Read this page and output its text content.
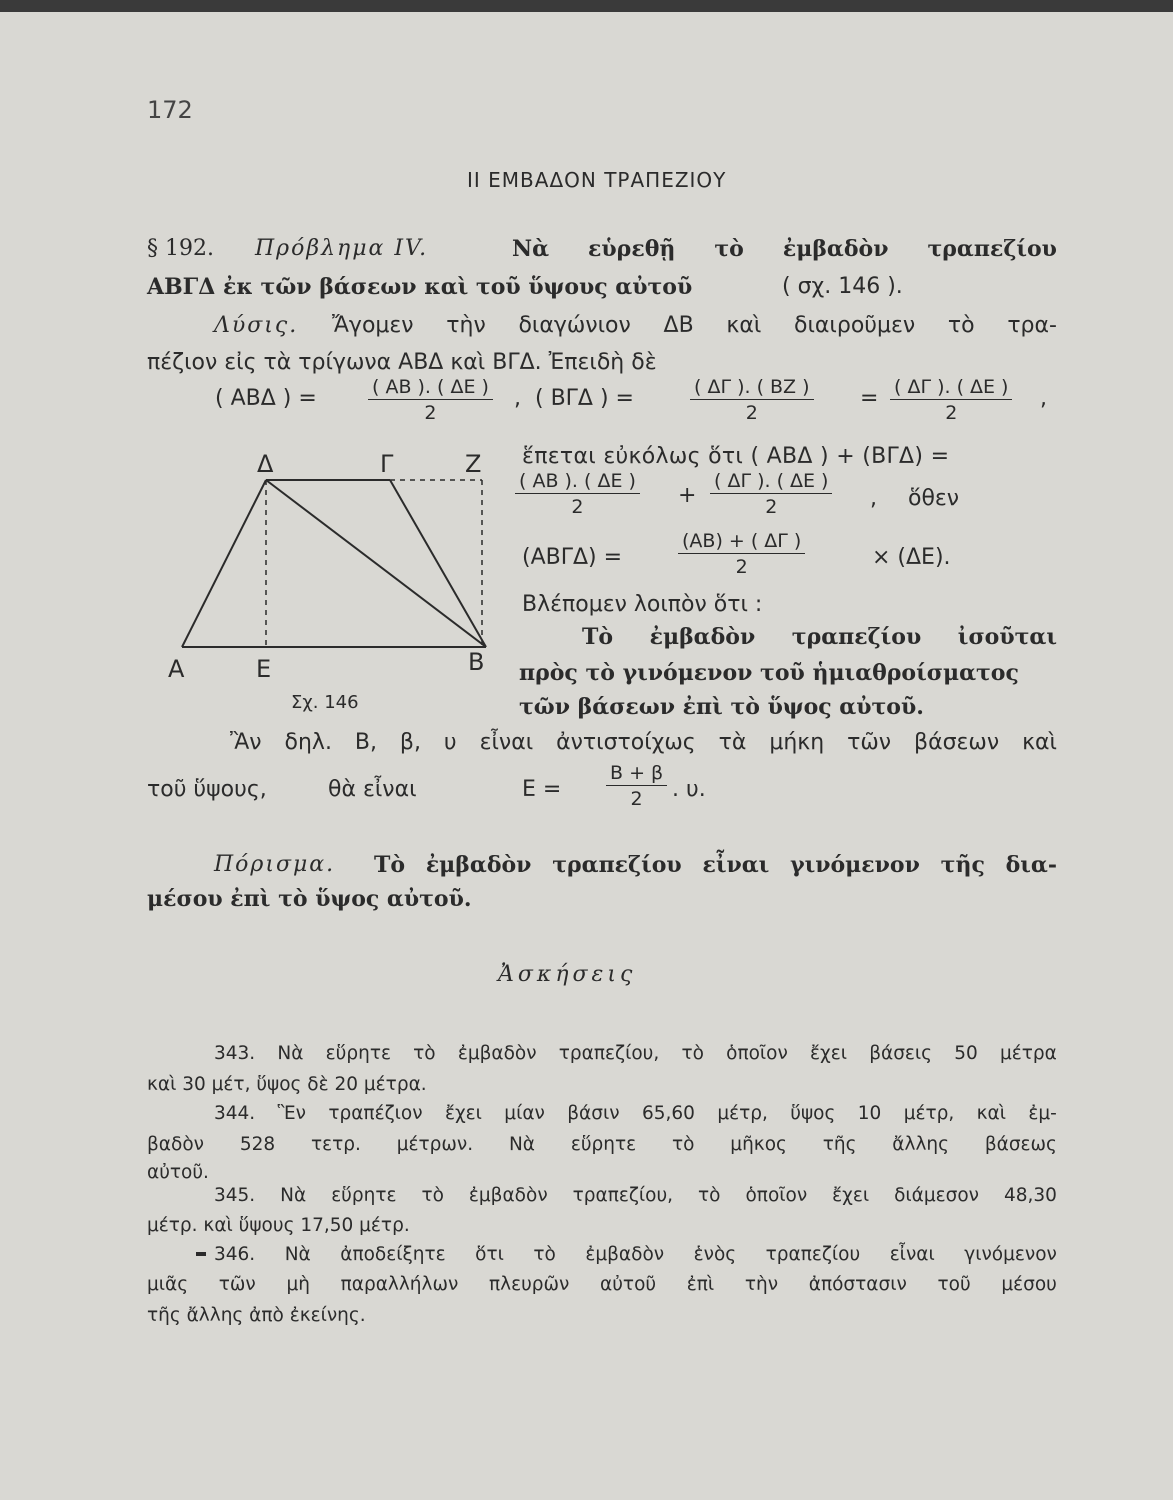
172
ΙΙ ΕΜΒΑΔΟΝ ΤΡΑΠΕΖΙΟΥ
§ 192. Πρόβλημα IV.	Νὰ εὑρεθῇ τὸ ἐμβαδὸν τραπεζίου
ΑΒΓΔ ἐκ τῶν βάσεων καὶ τοῦ ὕψους αὐτοῦ	( σχ. 146 ).
Λύσις. Ἄγομεν τὴν διαγώνιον ΔΒ καὶ διαιροῦμεν τὸ τρα-
πέζιον εἰς τὰ τρίγωνα ΑΒΔ καὶ ΒΓΔ. Ἐπειδὴ δὲ
( ΑΒΔ ) =	$\frac{( AB ). ( \Delta E )}{2}$ , ( ΒΓΔ ) =	$\frac{( \Delta\Gamma ). ( BZ )}{2} = \frac{( \Delta\Gamma ). ( \Delta E )}{2}$ ,
Α	Ε	Β
Δ	Γ	Ζ
Σχ. 146
ἕπεται εὐκόλως ὅτι ( ΑΒΔ ) + (ΒΓΔ) =
$\frac{( AB ). ( \Delta E )}{2} + \frac{( \Delta\Gamma ). ( \Delta E )}{2}$ , ὅθεν
(ΑΒΓΔ) =	$\frac{(AB) + ( \Delta\Gamma )}{2}$	× (ΔΕ).
Βλέπομεν λοιπὸν ὅτι :
Τὸ ἐμβαδὸν τραπεζίου ἰσοῦται
πρὸς τὸ γινόμενον τοῦ ἡμιαθροίσματος
τῶν βάσεων ἐπὶ τὸ ὕψος αὐτοῦ.
Ἂν δηλ. Β, β, υ εἶναι ἀντιστοίχως τὰ μήκη τῶν βάσεων καὶ
τοῦ ὕψους,	θὰ εἶναι	$E = \frac{B + \beta}{2}$ . υ.
Πόρισμα. Τὸ ἐμβαδὸν τραπεζίου εἶναι γινόμενον τῆς δια-
μέσου ἐπὶ τὸ ὕψος αὐτοῦ.
Ἀσκήσεις
343. Νὰ εὕρητε τὸ ἐμβαδὸν τραπεζίου, τὸ ὁποῖον ἔχει βάσεις 50 μέτρα
καὶ 30 μέτ, ὕψος δὲ 20 μέτρα.
344. Ἓν τραπέζιον ἔχει μίαν βάσιν 65,60 μέτρ, ὕψος 10 μέτρ, καὶ ἐμ-
βαδὸν 528 τετρ. μέτρων. Νὰ εὕρητε τὸ μῆκος τῆς ἄλλης βάσεως
αὐτοῦ.
345. Νὰ εὕρητε τὸ ἐμβαδὸν τραπεζίου, τὸ ὁποῖον ἔχει διάμεσον 48,30
μέτρ. καὶ ὕψους 17,50 μέτρ.
346. Νὰ ἀποδείξητε ὅτι τὸ ἐμβαδὸν ἑνὸς τραπεζίου εἶναι γινόμενον
μιᾶς τῶν μὴ παραλλήλων πλευρῶν αὐτοῦ ἐπὶ τὴν ἀπόστασιν τοῦ μέσου
τῆς ἄλλης ἀπὸ ἐκείνης.
